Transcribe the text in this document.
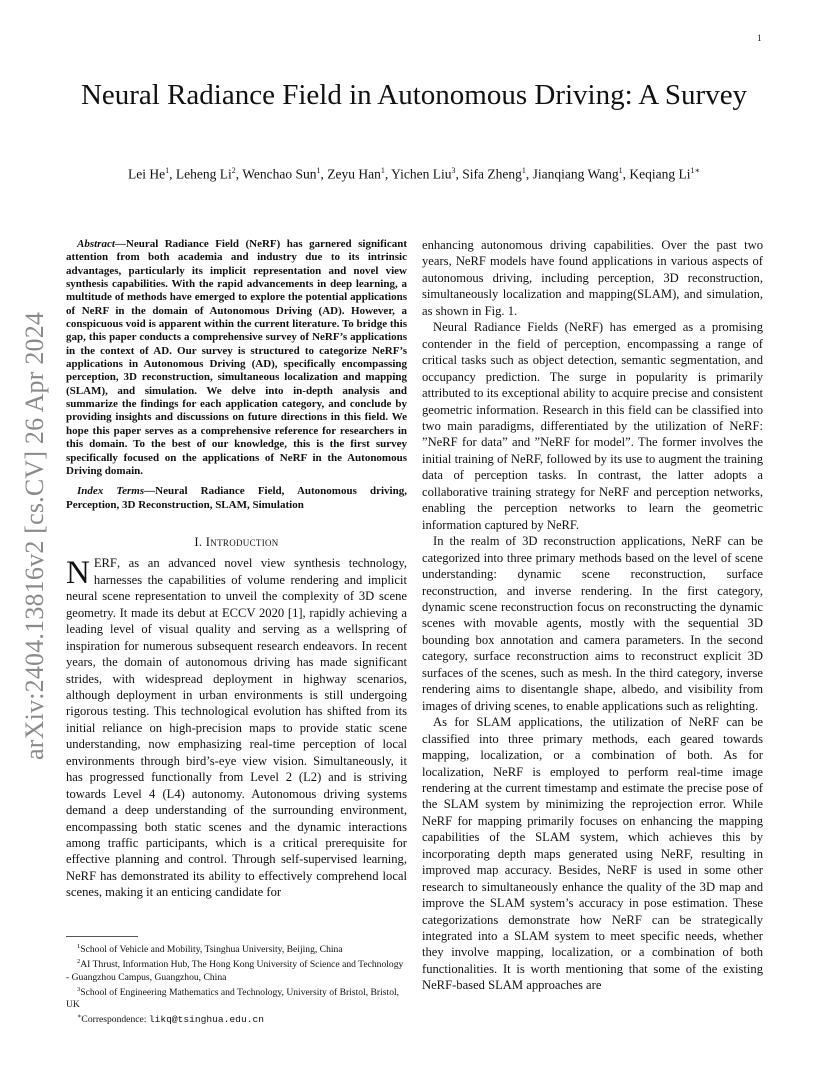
1
arXiv:2404.13816v2 [cs.CV] 26 Apr 2024
Neural Radiance Field in Autonomous Driving: A Survey
Lei He$^1$, Leheng Li$^2$, Wenchao Sun$^1$, Zeyu Han$^1$, Yichen Liu$^3$, Sifa Zheng$^1$, Jianqiang Wang$^1$, Keqiang $Li^{1∗}$

Abstract—Neural Radiance Field (NeRF) has garnered significant attention from both academia and industry due to its intrinsic advantages, particularly its implicit representation and novel view synthesis capabilities. With the rapid advancements in deep learning, a multitude of methods have emerged to explore the potential applications of NeRF in the domain of Autonomous Driving (AD). However, a conspicuous void is apparent within the current literature. To bridge this gap, this paper conducts a comprehensive survey of NeRF’s applications in the context of AD. Our survey is structured to categorize NeRF’s applications in Autonomous Driving (AD), specifically encompassing perception, 3D reconstruction, simultaneous localization and mapping (SLAM), and simulation. We delve into in-depth analysis and summarize the findings for each application category, and conclude by providing insights and discussions on future directions in this field. We hope this paper serves as a comprehensive reference for researchers in this domain. To the best of our knowledge, this is the first survey specifically focused on the applications of NeRF in the Autonomous Driving domain.

Index Terms—Neural Radiance Field, Autonomous driving, Perception, 3D Reconstruction, SLAM, Simulation

I. Introduction

NERF, as an advanced novel view synthesis technology, harnesses the capabilities of volume rendering and implicit neural scene representation to unveil the complexity of 3D scene geometry. It made its debut at ECCV 2020 [1], rapidly achieving a leading level of visual quality and serving as a wellspring of inspiration for numerous subsequent research endeavors. In recent years, the domain of autonomous driving has made significant strides, with widespread deployment in highway scenarios, although deployment in urban environments is still undergoing rigorous testing. This technological evolution has shifted from its initial reliance on high-precision maps to provide static scene understanding, now emphasizing real-time perception of local environments through bird’s-eye view vision. Simultaneously, it has progressed functionally from Level 2 (L2) and is striving towards Level 4 (L4) autonomy. Autonomous driving systems demand a deep understanding of the surrounding environment, encompassing both static scenes and the dynamic interactions among traffic participants, which is a critical prerequisite for effective planning and control. Through self-supervised learning, NeRF has demonstrated its ability to effectively comprehend local scenes, making it an enticing candidate for

enhancing autonomous driving capabilities. Over the past two years, NeRF models have found applications in various aspects of autonomous driving, including perception, 3D reconstruction, simultaneously localization and mapping(SLAM), and simulation, as shown in Fig. 1.

Neural Radiance Fields (NeRF) has emerged as a promising contender in the field of perception, encompassing a range of critical tasks such as object detection, semantic segmentation, and occupancy prediction. The surge in popularity is primarily attributed to its exceptional ability to acquire precise and consistent geometric information. Research in this field can be classified into two main paradigms, differentiated by the utilization of NeRF: ”NeRF for data” and ”NeRF for model”. The former involves the initial training of NeRF, followed by its use to augment the training data of perception tasks. In contrast, the latter adopts a collaborative training strategy for NeRF and perception networks, enabling the perception networks to learn the geometric information captured by NeRF.

In the realm of 3D reconstruction applications, NeRF can be categorized into three primary methods based on the level of scene understanding: dynamic scene reconstruction, surface reconstruction, and inverse rendering. In the first category, dynamic scene reconstruction focus on reconstructing the dynamic scenes with movable agents, mostly with the sequential 3D bounding box annotation and camera parameters. In the second category, surface reconstruction aims to reconstruct explicit 3D surfaces of the scenes, such as mesh. In the third category, inverse rendering aims to disentangle shape, albedo, and visibility from images of driving scenes, to enable applications such as relighting.

As for SLAM applications, the utilization of NeRF can be classified into three primary methods, each geared towards mapping, localization, or a combination of both. As for localization, NeRF is employed to perform real-time image rendering at the current timestamp and estimate the precise pose of the SLAM system by minimizing the reprojection error. While NeRF for mapping primarily focuses on enhancing the mapping capabilities of the SLAM system, which achieves this by incorporating depth maps generated using NeRF, resulting in improved map accuracy. Besides, NeRF is used in some other research to simultaneously enhance the quality of the 3D map and improve the SLAM system’s accuracy in pose estimation. These categorizations demonstrate how NeRF can be strategically integrated into a SLAM system to meet specific needs, whether they involve mapping, localization, or a combination of both functionalities. It is worth mentioning that some of the existing NeRF-based SLAM approaches are

$^1$School of Vehicle and Mobility, Tsinghua University, Beijing, China

$^2$AI Thrust, Information Hub, The Hong Kong University of Science and Technology - Guangzhou Campus, Guangzhou, China

$^3$School of Engineering Mathematics and Technology, University of Bristol, Bristol, UK

∗Correspondence: likq@tsinghua.edu.cn
